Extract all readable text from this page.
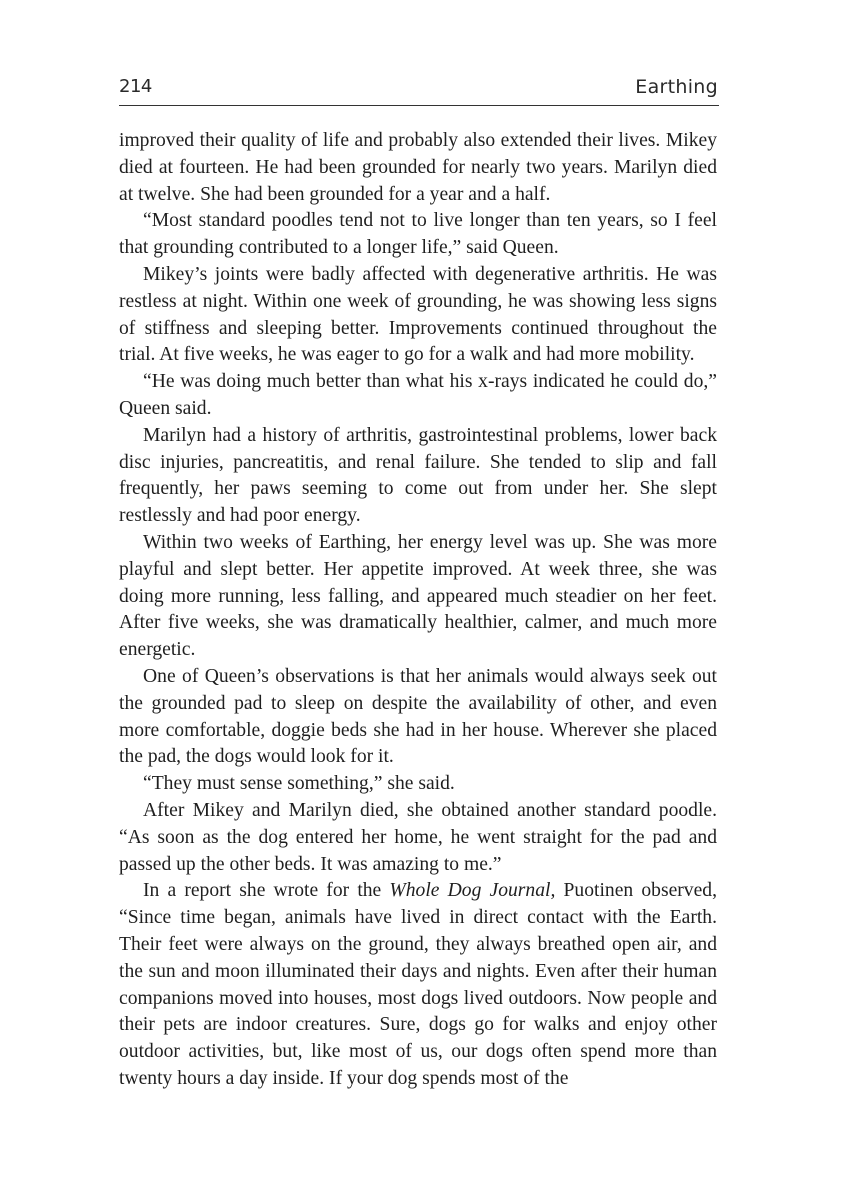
214	Earthing

improved their quality of life and probably also extended their lives. Mikey died at fourteen. He had been grounded for nearly two years. Marilyn died at twelve. She had been grounded for a year and a half.

“Most standard poodles tend not to live longer than ten years, so I feel that grounding contributed to a longer life,” said Queen.

Mikey’s joints were badly affected with degenerative arthritis. He was restless at night. Within one week of grounding, he was showing less signs of stiffness and sleeping better. Improvements continued throughout the trial. At five weeks, he was eager to go for a walk and had more mobility.

“He was doing much better than what his x-rays indicated he could do,” Queen said.

Marilyn had a history of arthritis, gastrointestinal problems, lower back disc injuries, pancreatitis, and renal failure. She tended to slip and fall frequently, her paws seeming to come out from under her. She slept restlessly and had poor energy.

Within two weeks of Earthing, her energy level was up. She was more playful and slept better. Her appetite improved. At week three, she was doing more running, less falling, and appeared much steadier on her feet. After five weeks, she was dramatically healthier, calmer, and much more energetic.

One of Queen’s observations is that her animals would always seek out the grounded pad to sleep on despite the availability of other, and even more comfortable, doggie beds she had in her house. Wherever she placed the pad, the dogs would look for it.

“They must sense something,” she said.

After Mikey and Marilyn died, she obtained another standard poodle. “As soon as the dog entered her home, he went straight for the pad and passed up the other beds. It was amazing to me.”

In a report she wrote for the Whole Dog Journal, Puotinen observed, “Since time began, animals have lived in direct contact with the Earth. Their feet were always on the ground, they always breathed open air, and the sun and moon illuminated their days and nights. Even after their human companions moved into houses, most dogs lived outdoors. Now people and their pets are indoor creatures. Sure, dogs go for walks and enjoy other outdoor activities, but, like most of us, our dogs often spend more than twenty hours a day inside. If your dog spends most of the
